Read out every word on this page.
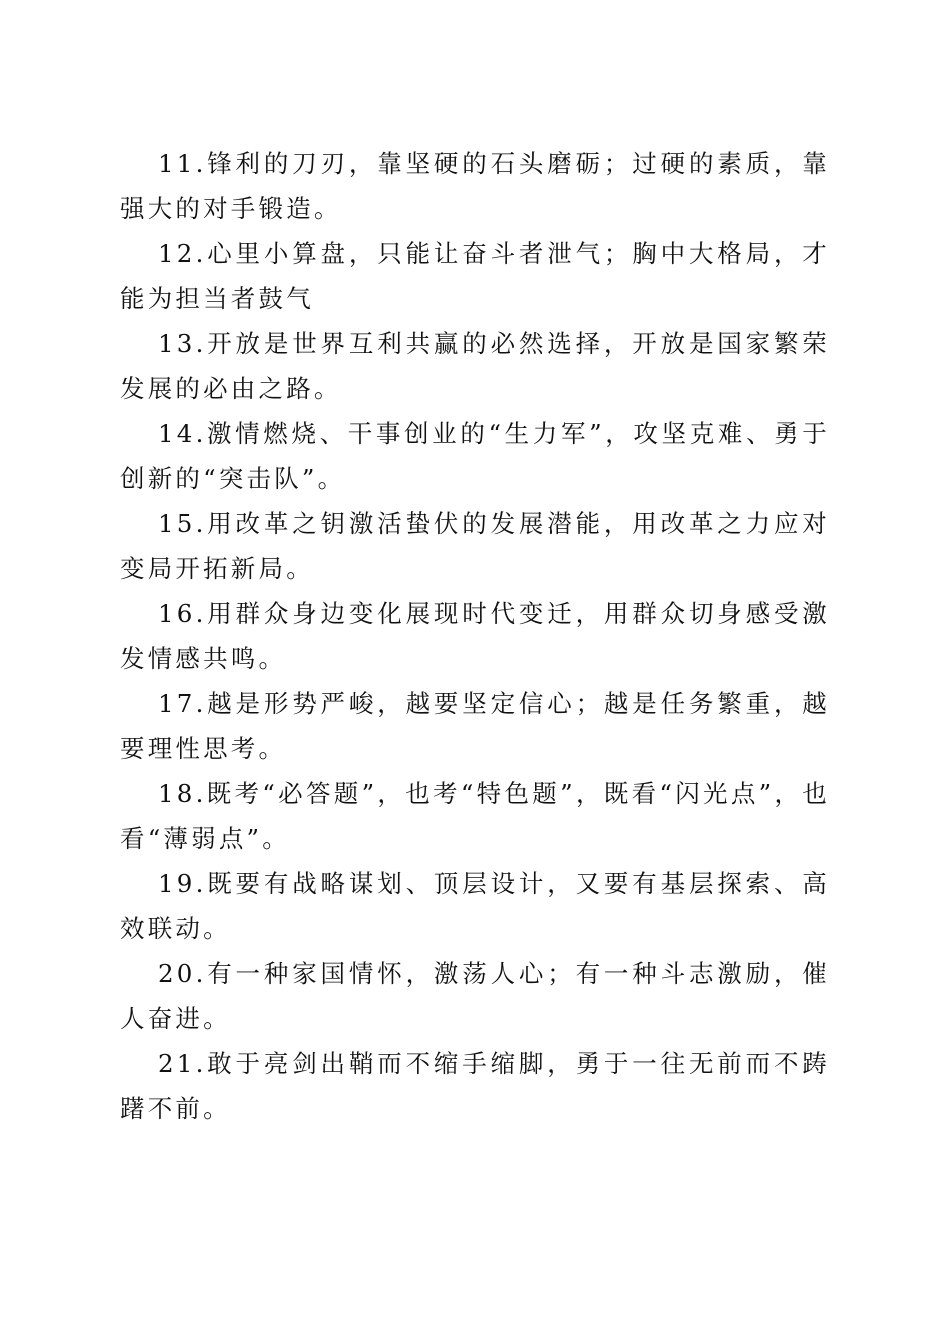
11.锋利的刀刃，靠坚硬的石头磨砺；过硬的素质，靠强大的对手锻造。

12.心里小算盘，只能让奋斗者泄气；胸中大格局，才能为担当者鼓气

13.开放是世界互利共赢的必然选择，开放是国家繁荣发展的必由之路。

14.激情燃烧、干事创业的“生力军”，攻坚克难、勇于创新的“突击队”。

15.用改革之钥激活蛰伏的发展潜能，用改革之力应对变局开拓新局。

16.用群众身边变化展现时代变迁，用群众切身感受激发情感共鸣。

17.越是形势严峻，越要坚定信心；越是任务繁重，越要理性思考。

18.既考“必答题”，也考“特色题”，既看“闪光点”，也看“薄弱点”。

19.既要有战略谋划、顶层设计，又要有基层探索、高效联动。

20.有一种家国情怀，激荡人心；有一种斗志激励，催人奋进。

21.敢于亮剑出鞘而不缩手缩脚，勇于一往无前而不踌躇不前。
